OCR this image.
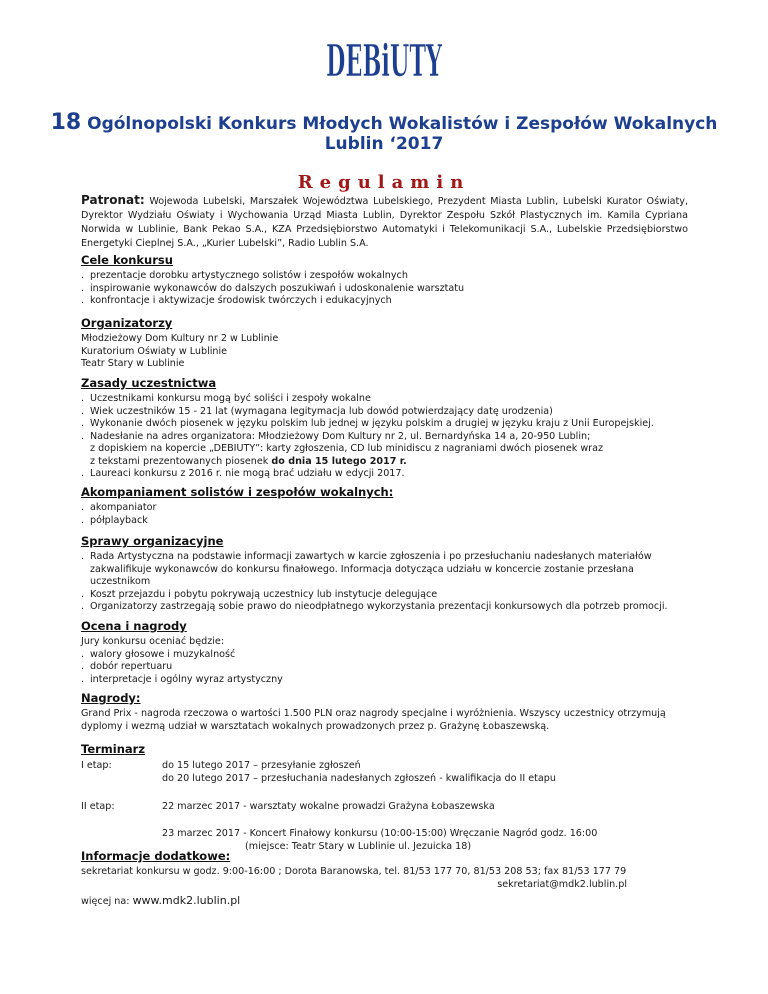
DEBiUTY
18 Ogólnopolski Konkurs Młodych Wokalistów i Zespołów Wokalnych
Lublin ‘2017
Regulamin
Patronat: Wojewoda Lubelski, Marszałek Województwa Lubelskiego, Prezydent Miasta Lublin, Lubelski Kurator Oświaty, Dyrektor Wydziału Oświaty i Wychowania Urząd Miasta Lublin, Dyrektor Zespołu Szkół Plastycznych im. Kamila Cypriana Norwida w Lublinie, Bank Pekao S.A., KZA Przedsiębiorstwo Automatyki i Telekomunikacji S.A., Lubelskie Przedsiębiorstwo Energetyki Cieplnej S.A., „Kurier Lubelski”, Radio Lublin S.A.
Cele konkursu
. prezentacje dorobku artystycznego solistów i zespołów wokalnych
. inspirowanie wykonawców do dalszych poszukiwań i udoskonalenie warsztatu
. konfrontacje i aktywizacje środowisk twórczych i edukacyjnych
Organizatorzy
Młodzieżowy Dom Kultury nr 2 w Lublinie
Kuratorium Oświaty w Lublinie
Teatr Stary w Lublinie
Zasady uczestnictwa
. Uczestnikami konkursu mogą być soliści i zespoły wokalne
. Wiek uczestników 15 - 21 lat (wymagana legitymacja lub dowód potwierdzający datę urodzenia)
. Wykonanie dwóch piosenek w języku polskim lub jednej w języku polskim a drugiej w języku kraju z Unii Europejskiej.
. Nadesłanie na adres organizatora: Młodzieżowy Dom Kultury nr 2, ul. Bernardyńska 14 a, 20-950 Lublin;
z dopiskiem na kopercie „DEBIUTY”: karty zgłoszenia, CD lub minidiscu z nagraniami dwóch piosenek wraz
z tekstami prezentowanych piosenek do dnia 15 lutego 2017 r.
. Laureaci konkursu z 2016 r. nie mogą brać udziału w edycji 2017.
Akompaniament solistów i zespołów wokalnych:
. akompaniator
. półplayback
Sprawy organizacyjne
. Rada Artystyczna na podstawie informacji zawartych w karcie zgłoszenia i po przesłuchaniu nadesłanych materiałów
zakwalifikuje wykonawców do konkursu finałowego. Informacja dotycząca udziału w koncercie zostanie przesłana
uczestnikom
. Koszt przejazdu i pobytu pokrywają uczestnicy lub instytucje delegujące
. Organizatorzy zastrzegają sobie prawo do nieodpłatnego wykorzystania prezentacji konkursowych dla potrzeb promocji.
Ocena i nagrody
Jury konkursu oceniać będzie:
. walory głosowe i muzykalność
. dobór repertuaru
. interpretacje i ogólny wyraz artystyczny
Nagrody:
Grand Prix - nagroda rzeczowa o wartości 1.500 PLN oraz nagrody specjalne i wyróżnienia. Wszyscy uczestnicy otrzymują
dyplomy i wezmą udział w warsztatach wokalnych prowadzonych przez p. Grażynę Łobaszewską.
Terminarz
I etap:	do 15 lutego 2017 – przesyłanie zgłoszeń
do 20 lutego 2017 – przesłuchania nadesłanych zgłoszeń - kwalifikacja do II etapu
II etap:	22 marzec 2017 - warsztaty wokalne prowadzi Grażyna Łobaszewska
23 marzec 2017 - Koncert Finałowy konkursu (10:00-15:00) Wręczanie Nagród godz. 16:00
(miejsce: Teatr Stary w Lublinie ul. Jezuicka 18)
Informacje dodatkowe:
sekretariat konkursu w godz. 9:00-16:00 ; Dorota Baranowska, tel. 81/53 177 70, 81/53 208 53; fax 81/53 177 79
sekretariat@mdk2.lublin.pl
więcej na: www.mdk2.lublin.pl
